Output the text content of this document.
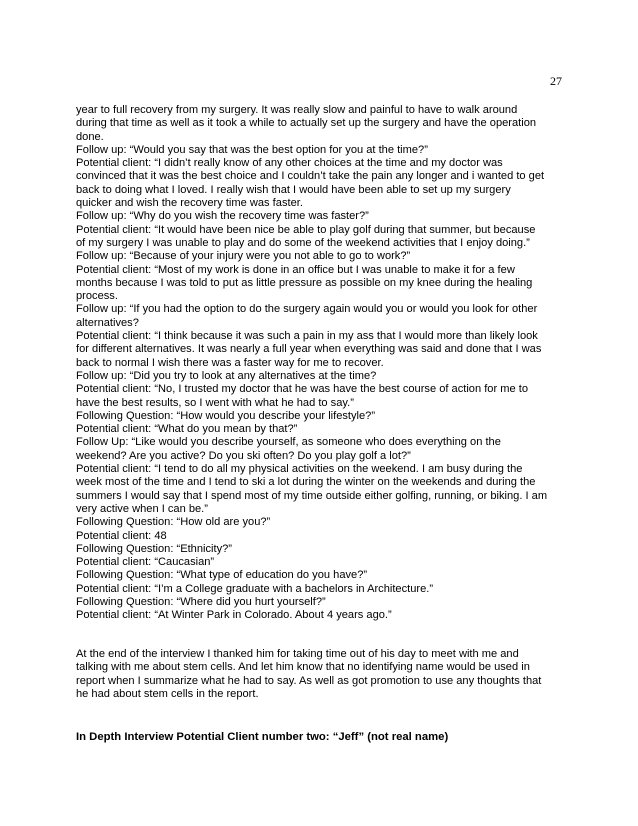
27
year to full recovery from my surgery. It was really slow and painful to have to walk around
during that time as well as it took a while to actually set up the surgery and have the operation
done.
Follow up: “Would you say that was the best option for you at the time?”
Potential client: “I didn’t really know of any other choices at the time and my doctor was
convinced that it was the best choice and I couldn’t take the pain any longer and i wanted to get
back to doing what I loved. I really wish that I would have been able to set up my surgery
quicker and wish the recovery time was faster.
Follow up: “Why do you wish the recovery time was faster?”
Potential client: “It would have been nice be able to play golf during that summer, but because
of my surgery I was unable to play and do some of the weekend activities that I enjoy doing.”
Follow up: “Because of your injury were you not able to go to work?”
Potential client: “Most of my work is done in an office but I was unable to make it for a few
months because I was told to put as little pressure as possible on my knee during the healing
process.
Follow up: “If you had the option to do the surgery again would you or would you look for other
alternatives?
Potential client: “I think because it was such a pain in my ass that I would more than likely look
for different alternatives. It was nearly a full year when everything was said and done that I was
back to normal I wish there was a faster way for me to recover.
Follow up: “Did you try to look at any alternatives at the time?
Potential client: “No, I trusted my doctor that he was have the best course of action for me to
have the best results, so I went with what he had to say.”
Following Question: “How would you describe your lifestyle?”
Potential client: “What do you mean by that?”
Follow Up: “Like would you describe yourself, as someone who does everything on the
weekend? Are you active? Do you ski often? Do you play golf a lot?”
Potential client: “I tend to do all my physical activities on the weekend. I am busy during the
week most of the time and I tend to ski a lot during the winter on the weekends and during the
summers I would say that I spend most of my time outside either golfing, running, or biking. I am
very active when I can be.”
Following Question: “How old are you?”
Potential client: 48
Following Question: “Ethnicity?”
Potential client: “Caucasian”
Following Question: “What type of education do you have?”
Potential client: “I’m a College graduate with a bachelors in Architecture.”
Following Question: “Where did you hurt yourself?”
Potential client: “At Winter Park in Colorado. About 4 years ago.”
At the end of the interview I thanked him for taking time out of his day to meet with me and
talking with me about stem cells. And let him know that no identifying name would be used in
report when I summarize what he had to say. As well as got promotion to use any thoughts that
he had about stem cells in the report.
In Depth Interview Potential Client number two: “Jeff” (not real name)
